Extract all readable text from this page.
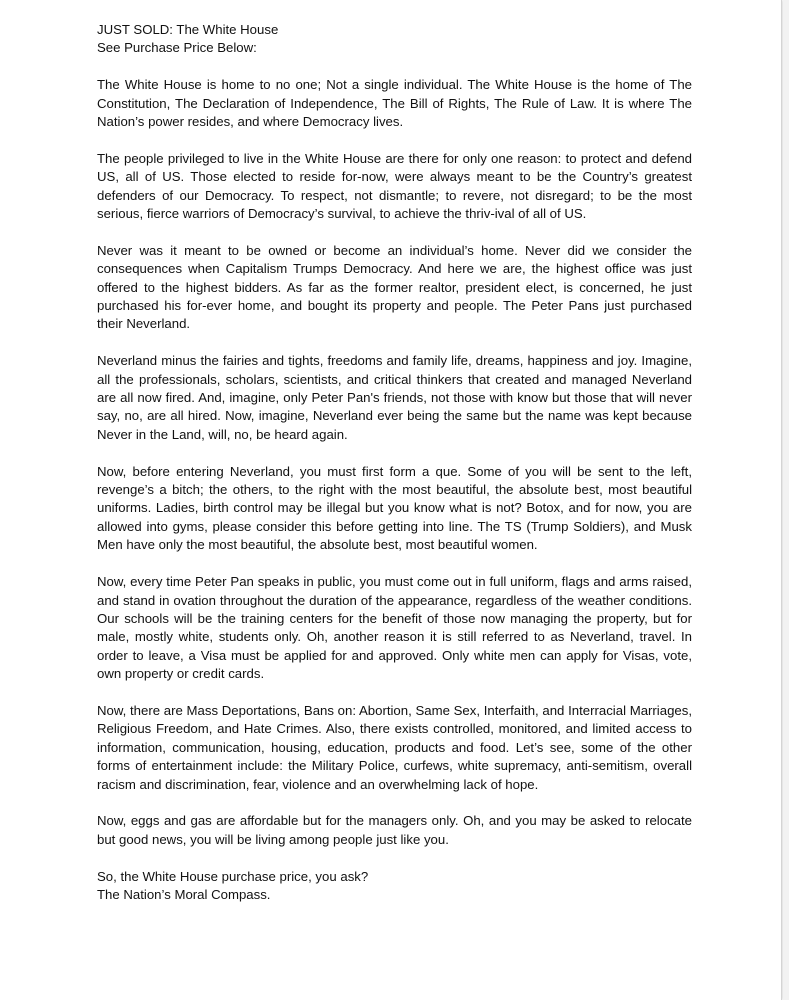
JUST SOLD: The White House
See Purchase Price Below:

The White House is home to no one; Not a single individual. The White House is the home of The Constitution, The Declaration of Independence, The Bill of Rights, The Rule of Law. It is where The Nation’s power resides, and where Democracy lives.

The people privileged to live in the White House are there for only one reason: to protect and defend US, all of US. Those elected to reside for-now, were always meant to be the Country’s greatest defenders of our Democracy. To respect, not dismantle; to revere, not disregard; to be the most serious, fierce warriors of Democracy’s survival, to achieve the thriv-ival of all of US.

Never was it meant to be owned or become an individual’s home. Never did we consider the consequences when Capitalism Trumps Democracy. And here we are, the highest office was just offered to the highest bidders. As far as the former realtor, president elect, is concerned, he just purchased his for-ever home, and bought its property and people. The Peter Pans just purchased their Neverland.

Neverland minus the fairies and tights, freedoms and family life, dreams, happiness and joy. Imagine, all the professionals, scholars, scientists, and critical thinkers that created and managed Neverland are all now fired. And, imagine, only Peter Pan's friends, not those with know but those that will never say, no, are all hired. Now, imagine, Neverland ever being the same but the name was kept because Never in the Land, will, no, be heard again.

Now, before entering Neverland, you must first form a que. Some of you will be sent to the left, revenge’s a bitch; the others, to the right with the most beautiful, the absolute best, most beautiful uniforms. Ladies, birth control may be illegal but you know what is not? Botox, and for now, you are allowed into gyms, please consider this before getting into line. The TS (Trump Soldiers), and Musk Men have only the most beautiful, the absolute best, most beautiful women.

Now, every time Peter Pan speaks in public, you must come out in full uniform, flags and arms raised, and stand in ovation throughout the duration of the appearance, regardless of the weather conditions. Our schools will be the training centers for the benefit of those now managing the property, but for male, mostly white, students only. Oh, another reason it is still referred to as Neverland, travel. In order to leave, a Visa must be applied for and approved. Only white men can apply for Visas, vote, own property or credit cards.

Now, there are Mass Deportations, Bans on: Abortion, Same Sex, Interfaith, and Interracial Marriages, Religious Freedom, and Hate Crimes. Also, there exists controlled, monitored, and limited access to information, communication, housing, education, products and food. Let’s see, some of the other forms of entertainment include: the Military Police, curfews, white supremacy, anti-semitism, overall racism and discrimination, fear, violence and an overwhelming lack of hope.

Now, eggs and gas are affordable but for the managers only. Oh, and you may be asked to relocate but good news, you will be living among people just like you.

So, the White House purchase price, you ask?
The Nation’s Moral Compass.
